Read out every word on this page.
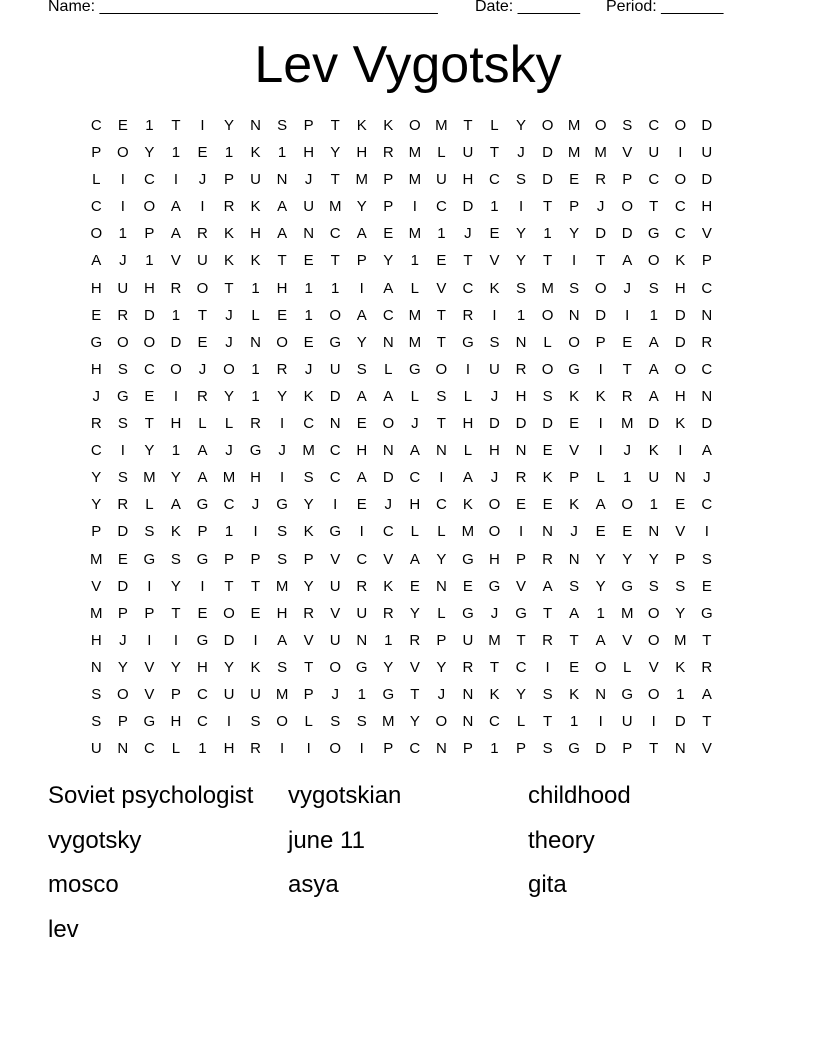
Name: ______________________________________

Date: _______

Period: _______

Lev Vygotsky
C	E	1	T	I	Y	N	S	P	T	K	K	O M	T	L	Y	O M O	S	C	O	D
P	O	Y	1	E	1	K	1	H	Y	H	R M	L	U	T	J	D M M	V	U	I	U
L	I	C	I	J	P	U	N	J	T	M	P	M U	H	C	S	D	E	R	P	C	O	D
C	I	O	A	I	R	K	A	U M	Y	P	I	C	D	1	I	T	P	J	O	T	C	H
O	1	P	A	R	K	H	A	N	C	A	E	M	1	J	E	Y	1	Y	D	D	G	C	V
A	J	1	V	U	K	K	T	E	T	P	Y	1	E	T	V	Y	T	I	T	A	O	K	P
H	U	H	R	O	T	1	H	1	1	I	A	L	V	C	K	S	M	S	O	J	S	H	C
E	R	D	1	T	J	L	E	1	O	A	C M	T	R	I	1	O	N	D	I	1	D	N
G O O	D	E	J	N	O	E	G	Y	N M	T	G	S	N	L	O	P	E	A	D	R
H	S	C	O	J	O	1	R	J	U	S	L	G O	I	U	R	O G	I	T	A	O	C
J	G	E	I	R	Y	1	Y	K	D	A	A	L	S	L	J	H	S	K	K	R	A	H	N
R	S	T	H	L	L	R	I	C	N	E	O	J	T	H	D	D	D	E	I	M D	K	D
C	I	Y	1	A	J	G	J	M C	H	N	A	N	L	H	N	E	V	I	J	K	I	A
Y	S	M	Y	A	M H	I	S	C	A	D	C	I	A	J	R	K	P	L	1	U	N	J
Y	R	L	A	G	C	J	G	Y	I	E	J	H	C	K	O	E	E	K	A	O	1	E	C
P	D	S	K	P	1	I	S	K	G	I	C	L	L	M O	I	N	J	E	E	N	V	I
M	E	G	S	G	P	P	S	P	V	C	V	A	Y	G	H	P	R	N	Y	Y	Y	P	S
V	D	I	Y	I	T	T	M	Y	U	R	K	E	N	E	G	V	A	S	Y	G	S	S	E
M	P	P	T	E	O	E	H	R	V	U	R	Y	L	G	J	G	T	A	1	M O	Y	G
H	J	I	I	G	D	I	A	V	U	N	1	R	P	U M	T	R	T	A	V	O M	T
N	Y	V	Y	H	Y	K	S	T	O G	Y	V	Y	R	T	C	I	E	O	L	V	K	R
S	O	V	P	C	U	U M	P	J	1	G	T	J	N	K	Y	S	K	N	G O	1	A
S	P	G	H	C	I	S	O	L	S	S	M	Y	O	N	C	L	T	1	I	U	I	D	T
U	N	C	L	1	H	R	I	I	O	I	P	C	N	P	1	P	S	G	D	P	T	N	V
Soviet psychologist	vygotskian	childhood
vygotsky	june 11	theory
mosco	asya	gita
lev
